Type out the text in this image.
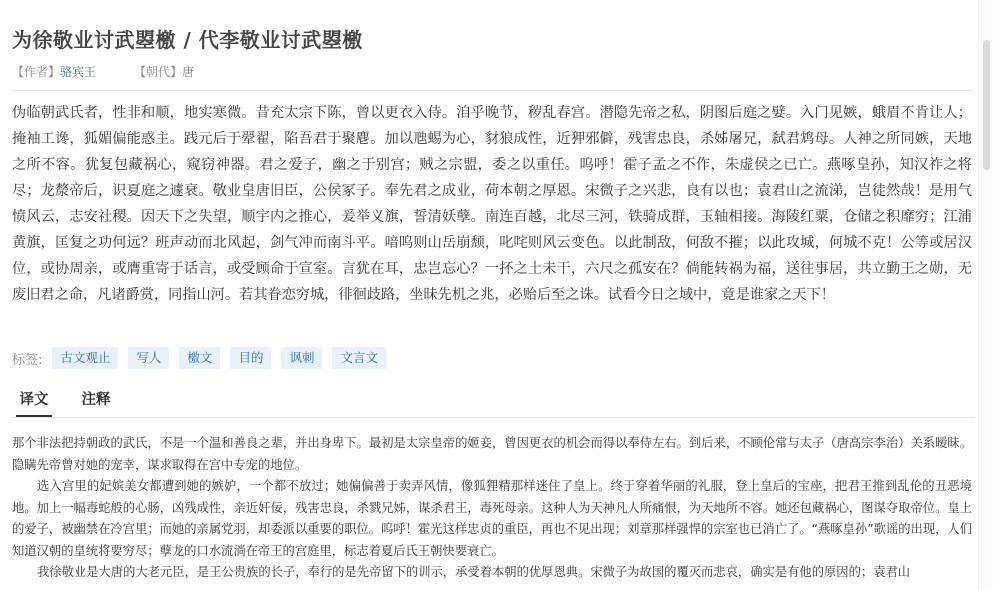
为徐敬业讨武曌檄 / 代李敬业讨武曌檄
【作者】骆宾王	【朝代】唐
伪临朝武氏者，性非和顺，地实寒微。昔充太宗下陈，曾以更衣入侍。洎乎晚节，秽乱春宫。潜隐先帝之私，阴图后庭之嬖。入门见嫉，蛾眉不肯让人；掩袖工谗，狐媚偏能惑主。践元后于翚翟，陷吾君于聚麀。加以虺蜴为心，豺狼成性，近狎邪僻，残害忠良，杀姊屠兄，弑君鸩母。人神之所同嫉，天地之所不容。犹复包藏祸心，窥窃神器。君之爱子，幽之于别宫；贼之宗盟，委之以重任。呜呼！霍子孟之不作，朱虚侯之已亡。燕啄皇孙，知汉祚之将尽；龙漦帝后，识夏庭之遽衰。敬业皇唐旧臣，公侯冢子。奉先君之成业，荷本朝之厚恩。宋微子之兴悲，良有以也；袁君山之流涕，岂徒然哉！是用气愤风云，志安社稷。因天下之失望，顺宇内之推心，爰举义旗，誓清妖孽。南连百越，北尽三河，铁骑成群，玉轴相接。海陵红粟，仓储之积靡穷；江浦黄旗，匡复之功何远？班声动而北风起，剑气冲而南斗平。喑呜则山岳崩颓，叱咤则风云变色。以此制敌，何敌不摧；以此攻城，何城不克！公等或居汉位，或协周亲，或膺重寄于话言，或受顾命于宣室。言犹在耳，忠岂忘心？一抔之土未干，六尺之孤安在？倘能转祸为福，送往事居，共立勤王之勋，无废旧君之命，凡诸爵赏，同指山河。若其眷恋穷城，徘徊歧路，坐昧先机之兆，必贻后至之诛。试看今日之域中，竟是谁家之天下！
标签:	古文观止	写人	檄文	目的	讽刺	文言文
译文	注释

那个非法把持朝政的武氏，不是一个温和善良之辈，并出身卑下。最初是太宗皇帝的姬妾，曾因更衣的机会而得以奉侍左右。到后来，不顾伦常与太子（唐高宗李治）关系暧昧。隐瞒先帝曾对她的宠幸，谋求取得在宫中专宠的地位。

选入宫里的妃嫔美女都遭到她的嫉妒，一个都不放过；她偏偏善于卖弄风情，像狐狸精那样迷住了皇上。终于穿着华丽的礼服，登上皇后的宝座，把君王推到乱伦的丑恶境地。加上一幅毒蛇般的心肠，凶残成性，亲近奸佞，残害忠良，杀戮兄姊，谋杀君王，毒死母亲。这种人为天神凡人所痛恨，为天地所不容。她还包藏祸心，图谋夺取帝位。皇上的爱子，被幽禁在冷宫里；而她的亲属党羽，却委派以重要的职位。呜呼！霍光这样忠贞的重臣，再也不见出现；刘章那样强悍的宗室也已消亡了。“燕啄皇孙”歌谣的出现，人们知道汉朝的皇统将要穷尽；孽龙的口水流淌在帝王的宫庭里，标志着夏后氏王朝快要衰亡。

我徐敬业是大唐的大老元臣，是王公贵族的长子，奉行的是先帝留下的训示，承受着本朝的优厚恩典。宋微子为故国的覆灭而悲哀，确实是有他的原因的；袁君山
